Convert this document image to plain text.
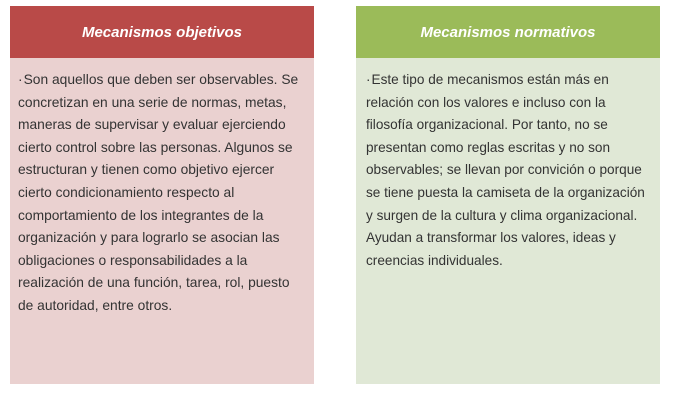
Mecanismos objetivos
·Son aquellos que deben ser observables. Se concretizan en una serie de normas, metas, maneras de supervisar y evaluar ejerciendo cierto control sobre las personas. Algunos se estructuran y tienen como objetivo ejercer cierto condicionamiento respecto al comportamiento de los integrantes de la organización y para lograrlo se asocian las obligaciones o responsabilidades a la realización de una función, tarea, rol, puesto de autoridad, entre otros.
Mecanismos normativos
·Este tipo de mecanismos están más en relación con los valores e incluso con la filosofía organizacional. Por tanto, no se presentan como reglas escritas y no son observables; se llevan por convición o porque se tiene puesta la camiseta de la organización y surgen de la cultura y clima organizacional. Ayudan a transformar los valores, ideas y creencias individuales.
